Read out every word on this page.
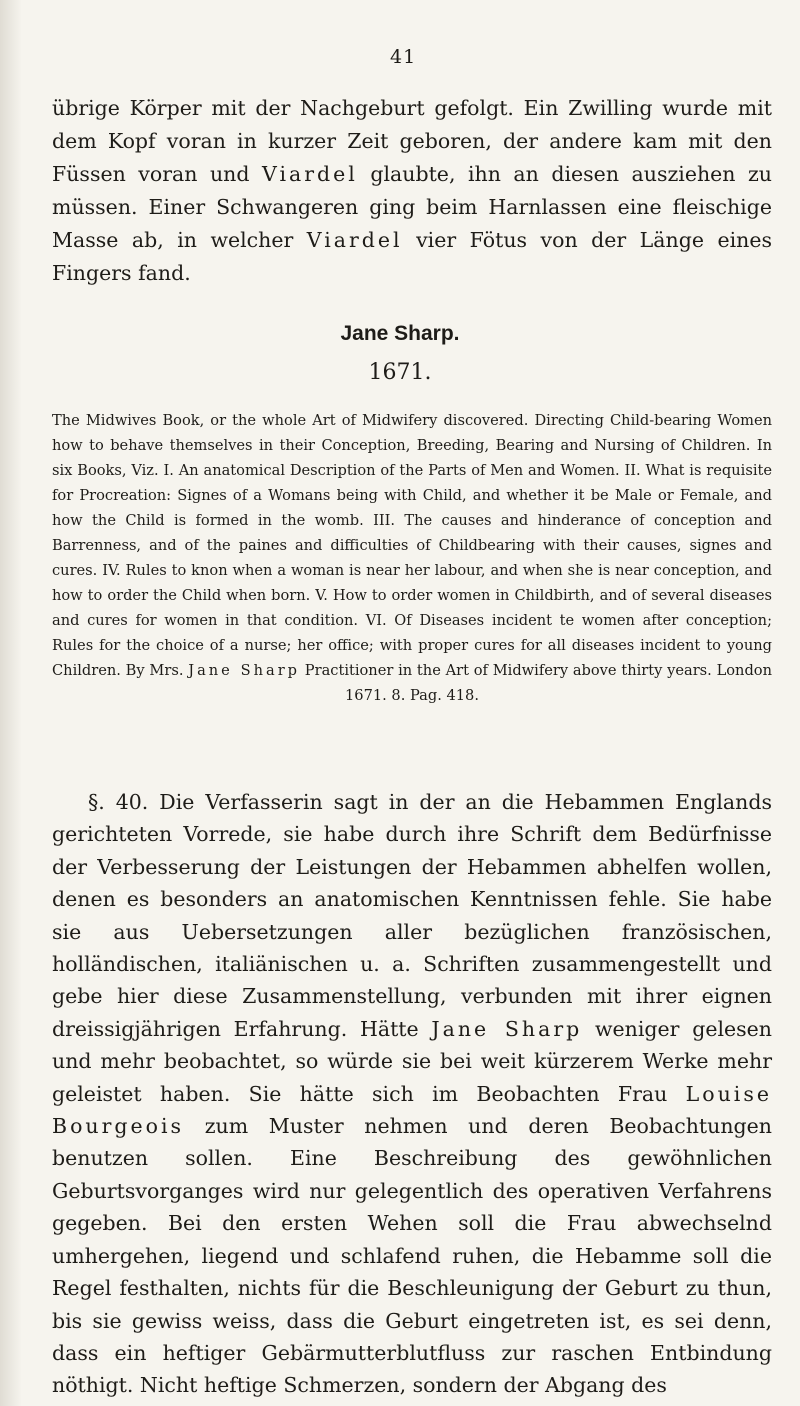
41

übrige Körper mit der Nachgeburt gefolgt. Ein Zwilling wurde mit dem Kopf voran in kurzer Zeit geboren, der andere kam mit den Füssen voran und Viardel glaubte, ihn an diesen ausziehen zu müssen. Einer Schwangeren ging beim Harnlassen eine fleischige Masse ab, in welcher Viardel vier Fötus von der Länge eines Fingers fand.

Jane Sharp.
1671.

The Midwives Book, or the whole Art of Midwifery discovered. Directing Child-bearing Women how to behave themselves in their Conception, Breeding, Bearing and Nursing of Children. In six Books, Viz. I. An anatomical Description of the Parts of Men and Women. II. What is requisite for Procreation: Signes of a Womans being with Child, and whether it be Male or Female, and how the Child is formed in the womb. III. The causes and hinderance of conception and Barrenness, and of the paines and difficulties of Childbearing with their causes, signes and cures. IV. Rules to knon when a woman is near her labour, and when she is near conception, and how to order the Child when born. V. How to order women in Childbirth, and of several diseases and cures for women in that condition. VI. Of Diseases incident te women after conception; Rules for the choice of a nurse; her office; with proper cures for all diseases incident to young Children. By Mrs. Jane Sharp Practitioner in the Art of Midwifery above thirty years. London 1671. 8. Pag. 418.

§. 40. Die Verfasserin sagt in der an die Hebammen Englands gerichteten Vorrede, sie habe durch ihre Schrift dem Bedürfnisse der Verbesserung der Leistungen der Hebammen abhelfen wollen, denen es besonders an anatomischen Kenntnissen fehle. Sie habe sie aus Uebersetzungen aller bezüglichen französischen, holländischen, italiänischen u. a. Schriften zusammengestellt und gebe hier diese Zusammenstellung, verbunden mit ihrer eignen dreissigjährigen Erfahrung. Hätte Jane Sharp weniger gelesen und mehr beobachtet, so würde sie bei weit kürzerem Werke mehr geleistet haben. Sie hätte sich im Beobachten Frau Louise Bourgeois zum Muster nehmen und deren Beobachtungen benutzen sollen. Eine Beschreibung des gewöhnlichen Geburtsvorganges wird nur gelegentlich des operativen Verfahrens gegeben. Bei den ersten Wehen soll die Frau abwechselnd umhergehen, liegend und schlafend ruhen, die Hebamme soll die Regel festhalten, nichts für die Beschleunigung der Geburt zu thun, bis sie gewiss weiss, dass die Geburt eingetreten ist, es sei denn, dass ein heftiger Gebärmutterblutfluss zur raschen Entbindung nöthigt. Nicht heftige Schmerzen, sondern der Abgang des
